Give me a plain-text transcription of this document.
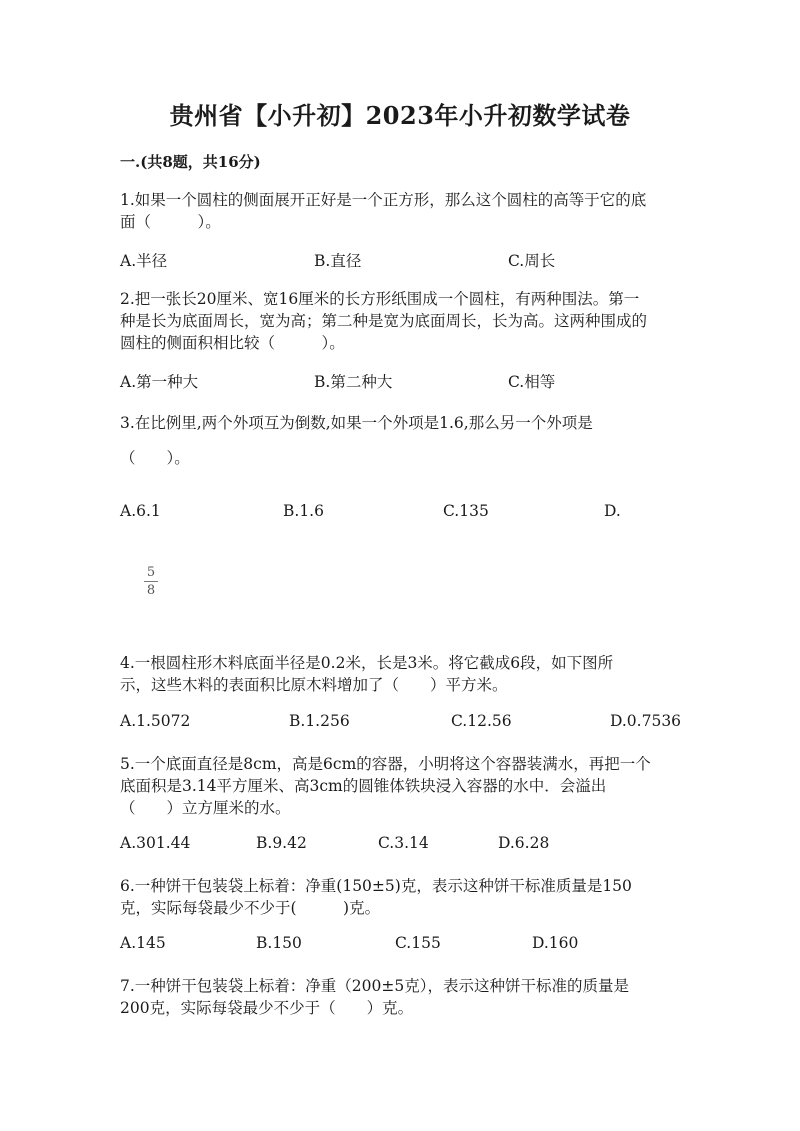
贵州省【小升初】2023年小升初数学试卷
一.(共8题，共16分)
1.如果一个圆柱的侧面展开正好是一个正方形，那么这个圆柱的高等于它的底
面（　　　）。
A.半径	B.直径	C.周长
2.把一张长20厘米、宽16厘米的长方形纸围成一个圆柱，有两种围法。第一
种是长为底面周长，宽为高；第二种是宽为底面周长，长为高。这两种围成的
圆柱的侧面积相比较（　　　）。
A.第一种大	B.第二种大	C.相等
3.在比例里,两个外项互为倒数,如果一个外项是1.6,那么另一个外项是
（　　）。
A.6.1	B.1.6	C.135	D.
5
8
4.一根圆柱形木料底面半径是0.2米，长是3米。将它截成6段，如下图所
示，这些木料的表面积比原木料增加了（　　）平方米。
A.1.5072	B.1.256	C.12.56	D.0.7536
5.一个底面直径是8cm，高是6cm的容器，小明将这个容器装满水，再把一个
底面积是3.14平方厘米、高3cm的圆锥体铁块浸入容器的水中．会溢出
（　　）立方厘米的水。
A.301.44	B.9.42	C.3.14	D.6.28
6.一种饼干包装袋上标着：净重(150±5)克，表示这种饼干标准质量是150
克，实际每袋最少不少于(　　　)克。
A.145	B.150	C.155	D.160
7.一种饼干包装袋上标着：净重（200±5克），表示这种饼干标准的质量是
200克，实际每袋最少不少于（　　）克。
